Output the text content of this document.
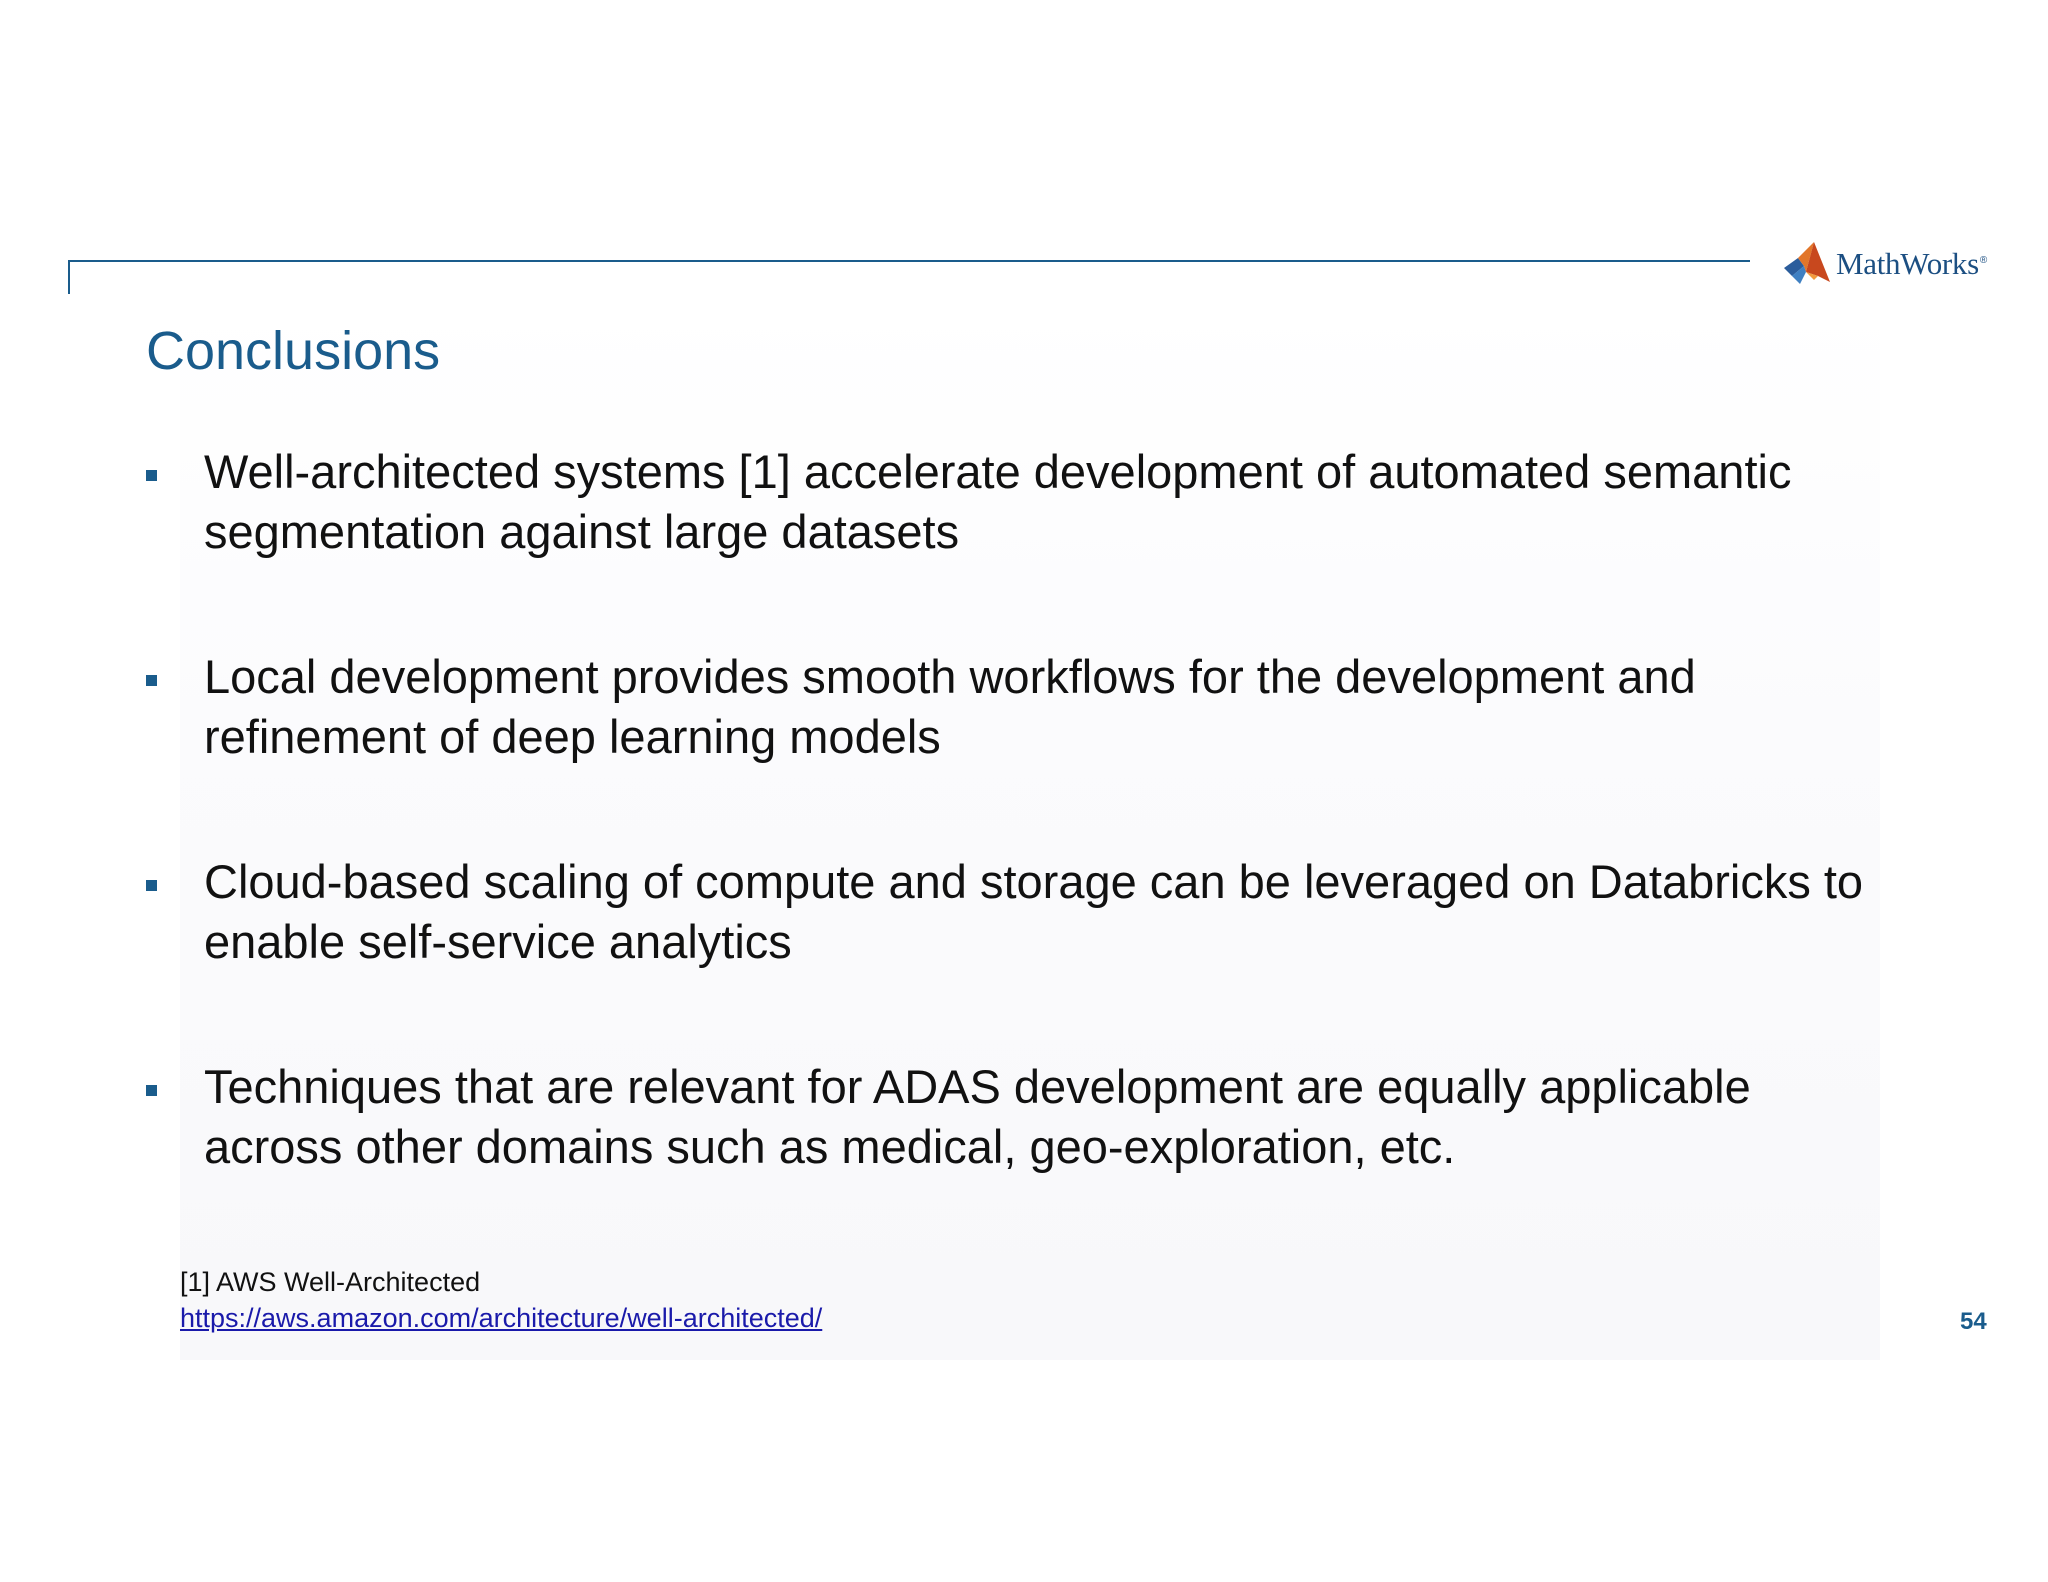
MathWorks®
Conclusions
Well-architected systems [1] accelerate development of automated semantic segmentation against large datasets
Local development provides smooth workflows for the development and refinement of deep learning models
Cloud-based scaling of compute and storage can be leveraged on Databricks to enable self-service analytics
Techniques that are relevant for ADAS development are equally applicable across other domains such as medical, geo-exploration, etc.
[1] AWS Well-Architected
https://aws.amazon.com/architecture/well-architected/	54
